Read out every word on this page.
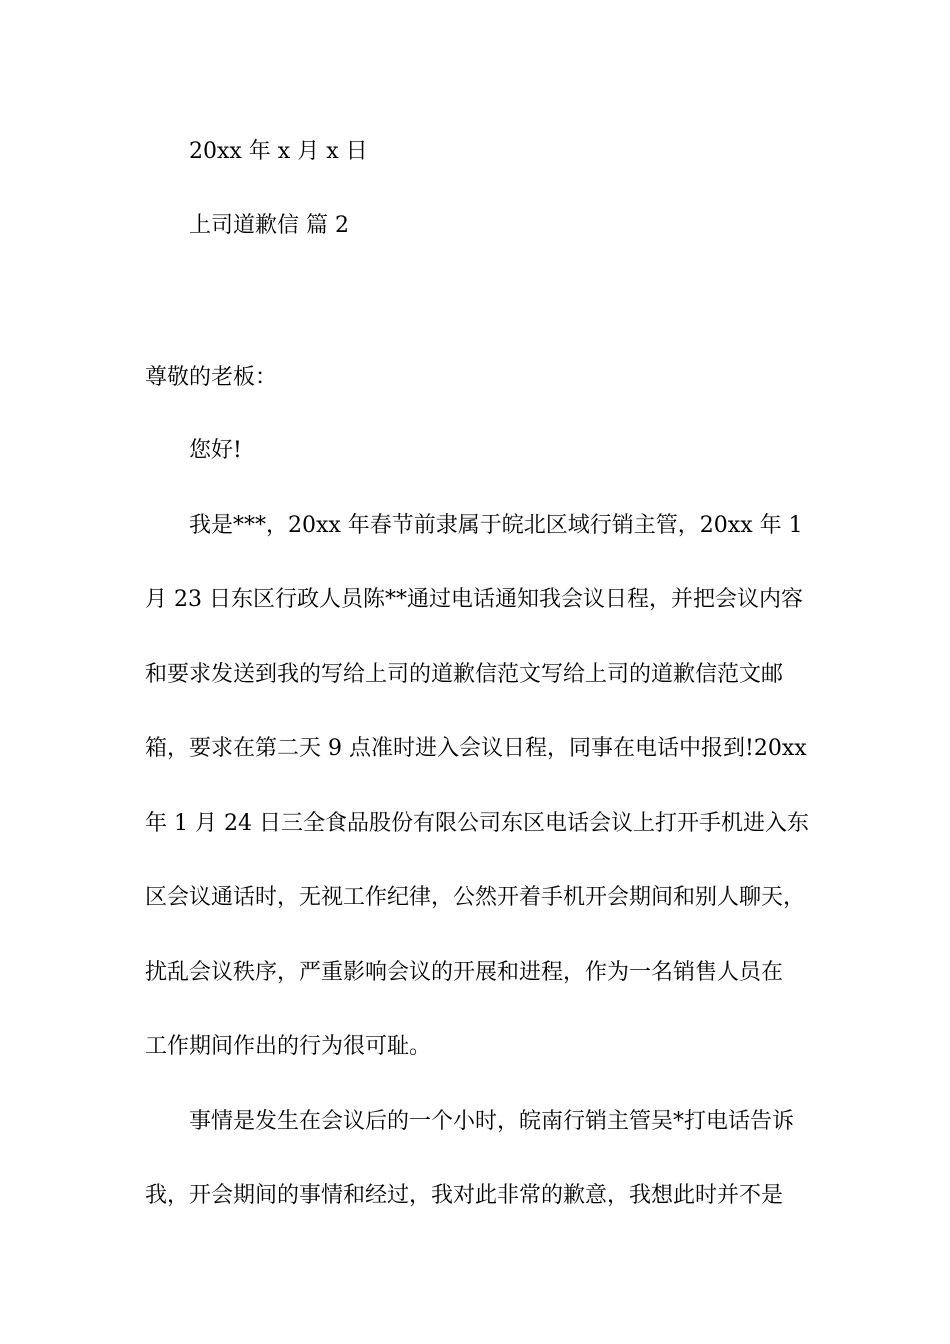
20xx 年 x 月 x 日
上司道歉信 篇 2
尊敬的老板：
您好!
我是***，20xx 年春节前隶属于皖北区域行销主管，20xx 年 1
月 23 日东区行政人员陈**通过电话通知我会议日程，并把会议内容
和要求发送到我的写给上司的道歉信范文写给上司的道歉信范文邮
箱，要求在第二天 9 点准时进入会议日程，同事在电话中报到!20xx
年 1 月 24 日三全食品股份有限公司东区电话会议上打开手机进入东
区会议通话时，无视工作纪律，公然开着手机开会期间和别人聊天，
扰乱会议秩序，严重影响会议的开展和进程，作为一名销售人员在
工作期间作出的行为很可耻。
事情是发生在会议后的一个小时，皖南行销主管吴*打电话告诉
我，开会期间的事情和经过，我对此非常的歉意，我想此时并不是
